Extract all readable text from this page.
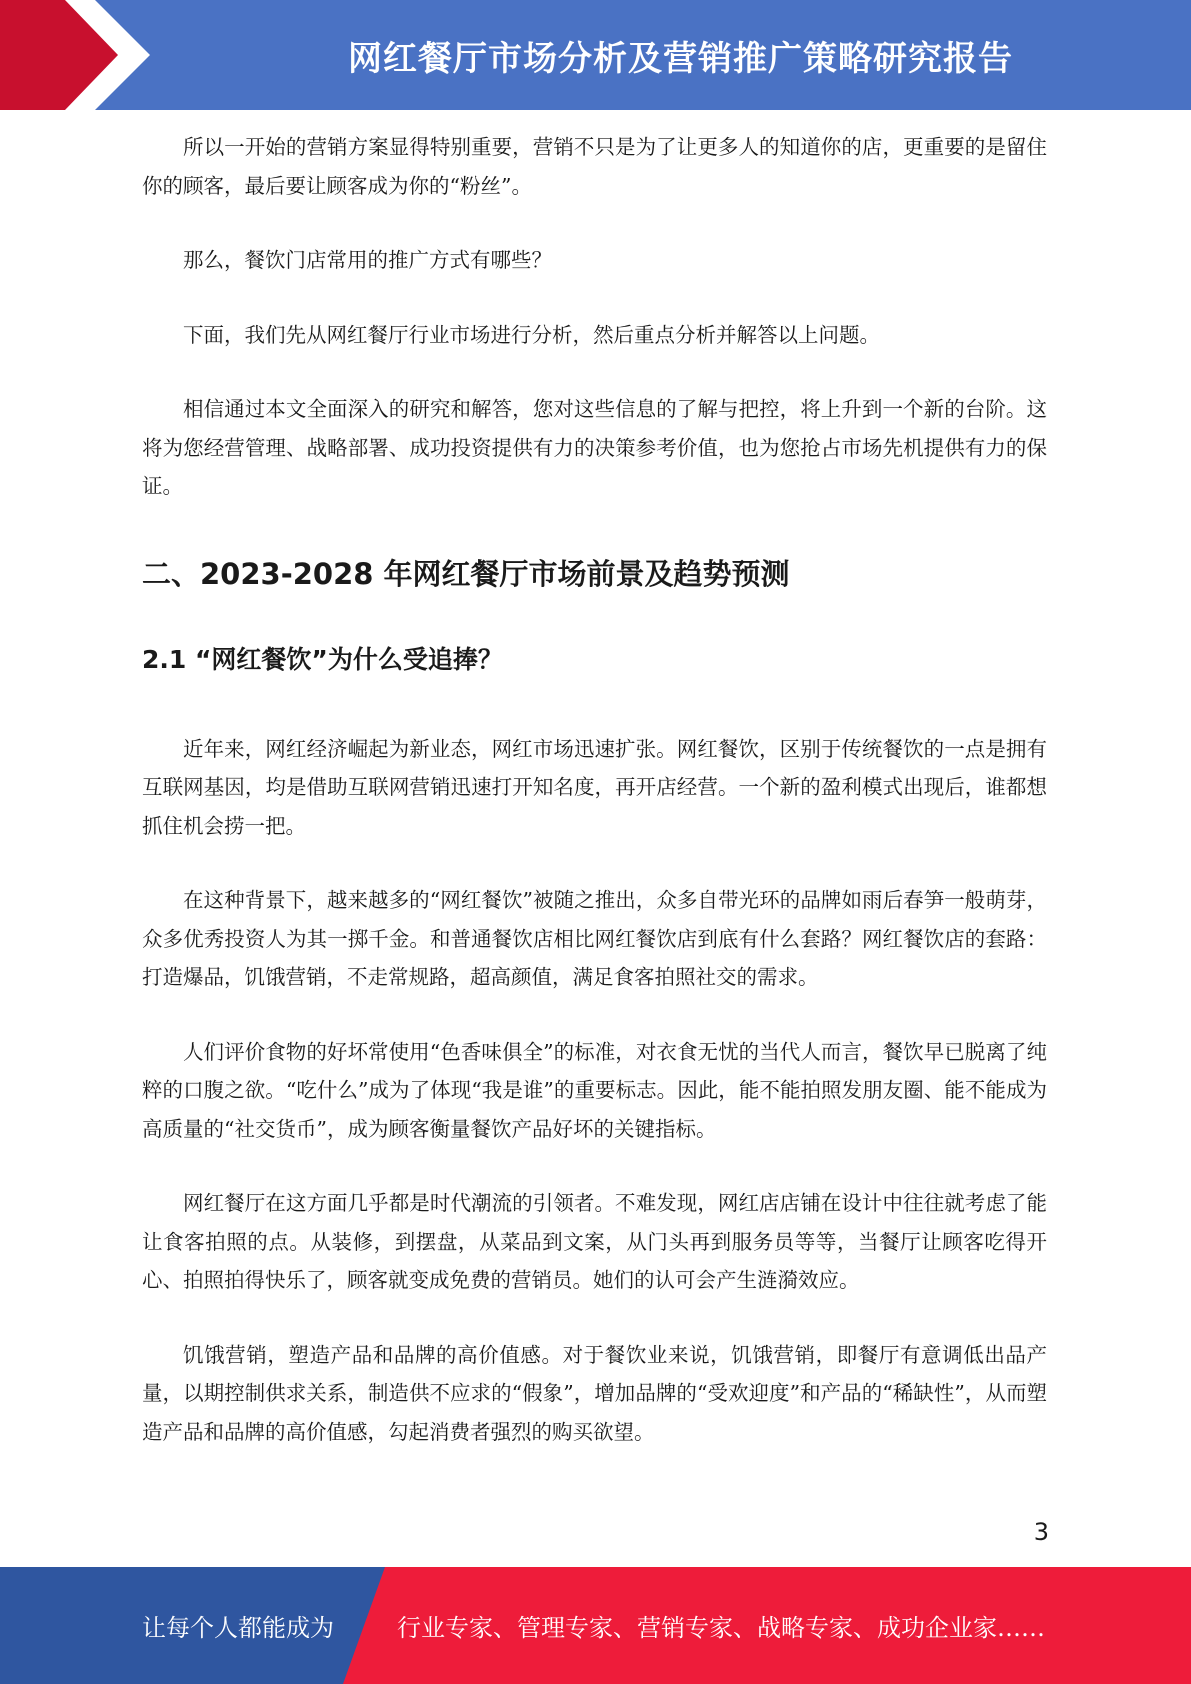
网红餐厅市场分析及营销推广策略研究报告

所以一开始的营销方案显得特别重要，营销不只是为了让更多人的知道你的店，更重要的是留住你的顾客，最后要让顾客成为你的“粉丝”。

那么，餐饮门店常用的推广方式有哪些？

下面，我们先从网红餐厅行业市场进行分析，然后重点分析并解答以上问题。

相信通过本文全面深入的研究和解答，您对这些信息的了解与把控，将上升到一个新的台阶。这将为您经营管理、战略部署、成功投资提供有力的决策参考价值，也为您抢占市场先机提供有力的保证。

二、2023-2028 年网红餐厅市场前景及趋势预测
2.1 “网红餐饮”为什么受追捧？

近年来，网红经济崛起为新业态，网红市场迅速扩张。网红餐饮，区别于传统餐饮的一点是拥有互联网基因，均是借助互联网营销迅速打开知名度，再开店经营。一个新的盈利模式出现后，谁都想抓住机会捞一把。

在这种背景下，越来越多的“网红餐饮”被随之推出，众多自带光环的品牌如雨后春笋一般萌芽，众多优秀投资人为其一掷千金。和普通餐饮店相比网红餐饮店到底有什么套路？网红餐饮店的套路：打造爆品，饥饿营销，不走常规路，超高颜值，满足食客拍照社交的需求。

人们评价食物的好坏常使用“色香味俱全”的标准，对衣食无忧的当代人而言，餐饮早已脱离了纯粹的口腹之欲。“吃什么”成为了体现“我是谁”的重要标志。因此，能不能拍照发朋友圈、能不能成为高质量的“社交货币”，成为顾客衡量餐饮产品好坏的关键指标。

网红餐厅在这方面几乎都是时代潮流的引领者。不难发现，网红店店铺在设计中往往就考虑了能让食客拍照的点。从装修，到摆盘，从菜品到文案，从门头再到服务员等等，当餐厅让顾客吃得开心、拍照拍得快乐了，顾客就变成免费的营销员。她们的认可会产生涟漪效应。

饥饿营销，塑造产品和品牌的高价值感。对于餐饮业来说，饥饿营销，即餐厅有意调低出品产量，以期控制供求关系，制造供不应求的“假象”，增加品牌的“受欢迎度”和产品的“稀缺性”，从而塑造产品和品牌的高价值感，勾起消费者强烈的购买欲望。

3
让每个人都能成为	行业专家、管理专家、营销专家、战略专家、成功企业家……
